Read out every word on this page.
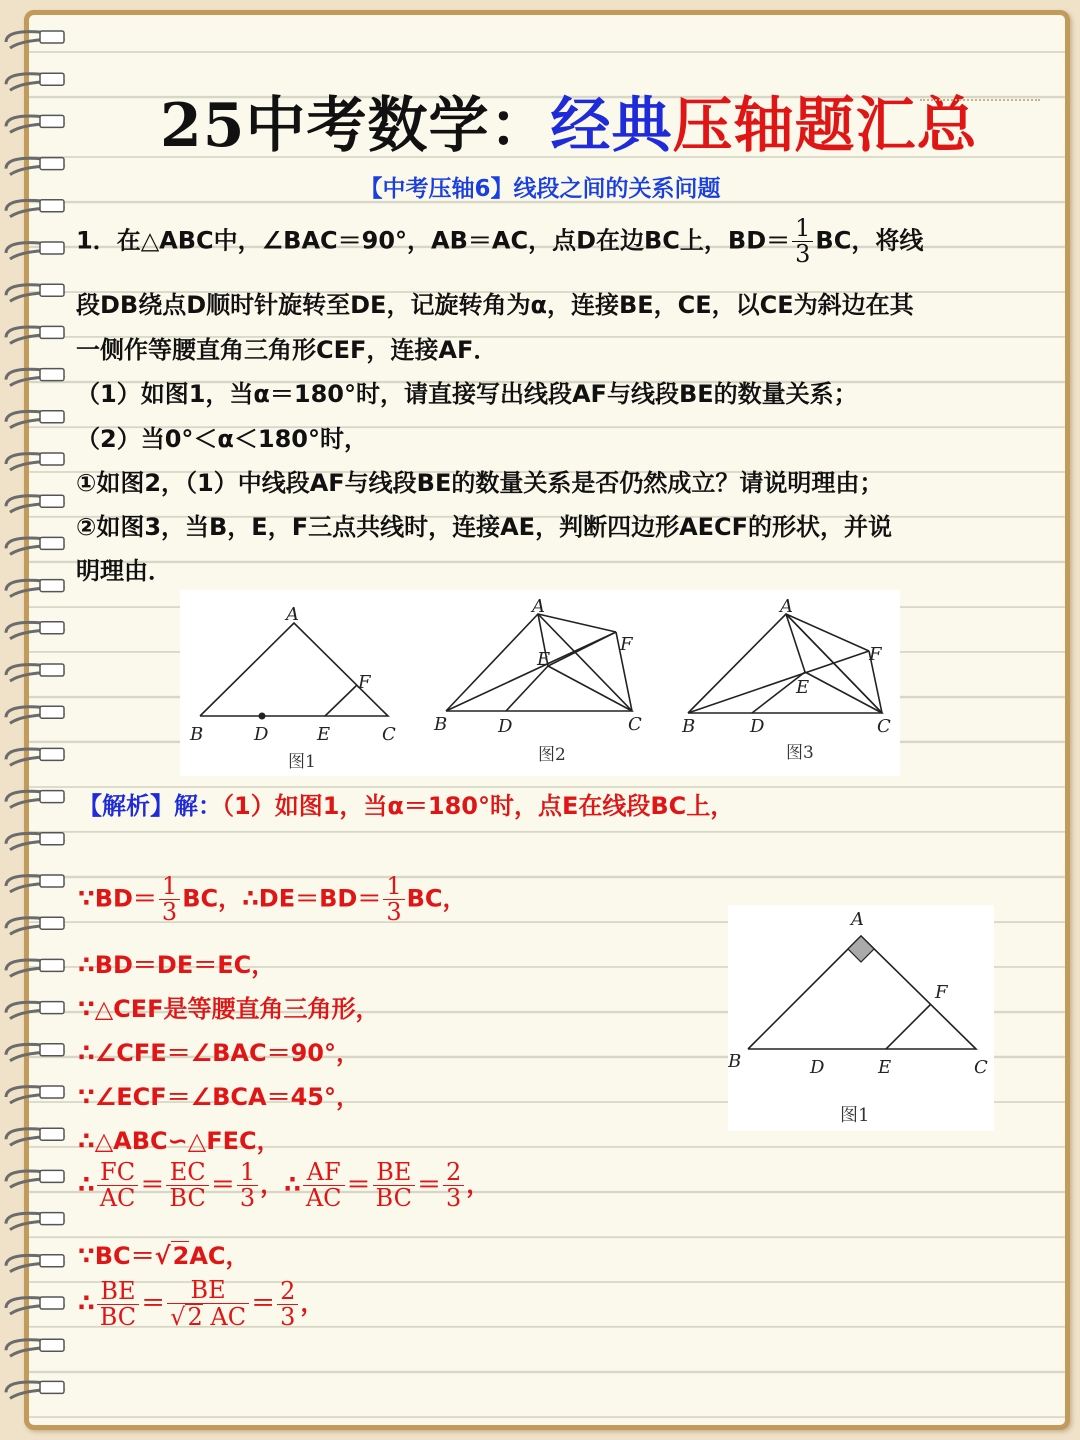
25中考数学：经典压轴题汇总
【中考压轴6】线段之间的关系问题
1．在△ABC中，∠BAC＝90°，AB＝AC，点D在边BC上，$BD= \frac{1}{3}$ BC，将线
段DB绕点D顺时针旋转至DE，记旋转角为α，连接BE，CE，以CE为斜边在其
一侧作等腰直角三角形CEF，连接AF．
（1）如图1，当α＝180°时，请直接写出线段AF与线段BE的数量关系；
（2）当0°＜α＜180°时，
①如图2，（1）中线段AF与线段BE的数量关系是否仍然成立？请说明理由；
②如图3，当B，E，F三点共线时，连接AE，判断四边形AECF的形状，并说
明理由．
A
B	D	E	C
F
图1
A
B	D
E
C
F
图2
A
B	D
E
C
F
图3
【解析】解：（1）如图1，当α＝180°时，点E在线段BC上，
∵BD＝ $\frac{1}{3}$ BC，∴DE＝BD＝ $\frac{1}{3}$ BC，
∴BD＝DE＝EC，
∵△CEF是等腰直角三角形，
∴∠CFE＝∠BAC＝90°，
∵∠ECF＝∠BCA＝45°，
∴△ABC∽△FEC，
∴ $\frac{FC}{AC} = \frac{EC}{BC} = \frac{1}{3}$ ，∴ $\frac{AF}{AC} = \frac{BE}{BC} = \frac{2}{3}$ ，
∵BC＝√2AC，
∴ $\frac{BE}{BC} = \frac{BE}{√2 AC} = \frac{2}{3}$ ，
A
B	D	E	C
F
图1
